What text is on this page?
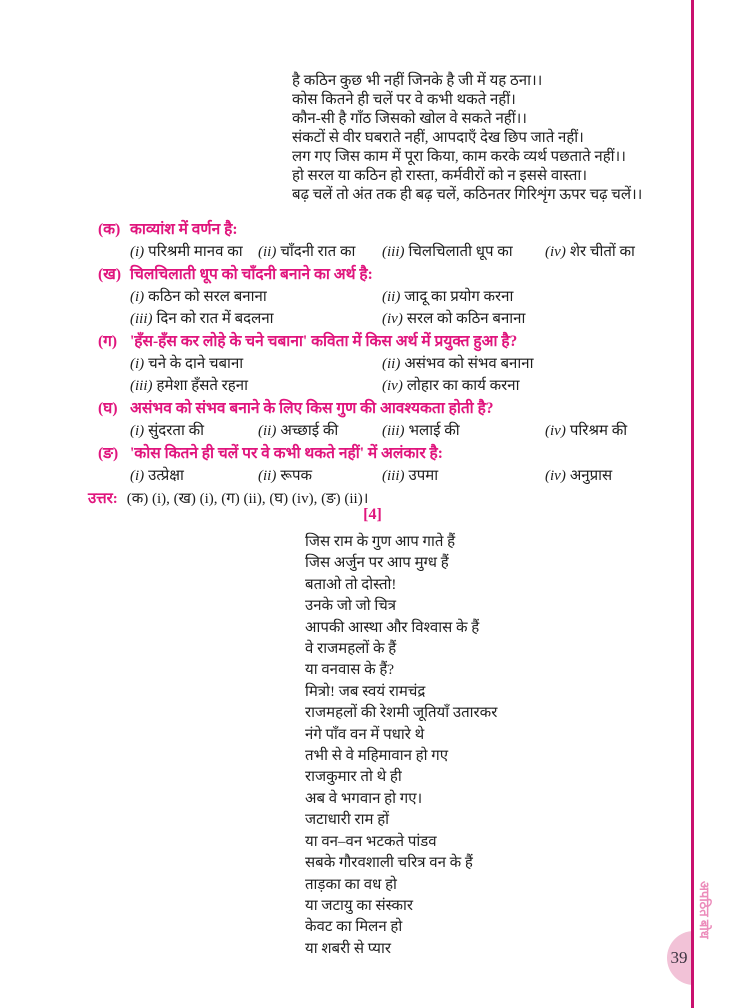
है कठिन कुछ भी नहीं जिनके है जी में यह ठना।।
कोस कितने ही चलें पर वे कभी थकते नहीं।
कौन-सी है गाँठ जिसको खोल वे सकते नहीं।।
संकटों से वीर घबराते नहीं, आपदाएँ देख छिप जाते नहीं।
लग गए जिस काम में पूरा किया, काम करके व्यर्थ पछताते नहीं।।
हो सरल या कठिन हो रास्ता, कर्मवीरों को न इससे वास्ता।
बढ़ चलें तो अंत तक ही बढ़ चलें, कठिनतर गिरिशृंग ऊपर चढ़ चलें।।
(क) काव्यांश में वर्णन है:
(i) परिश्रमी मानव का	(ii) चाँदनी रात का	(iii) चिलचिलाती धूप का	(iv) शेर चीतों का
(ख) चिलचिलाती धूप को चाँदनी बनाने का अर्थ है:
(i) कठिन को सरल बनाना	(ii) जादू का प्रयोग करना
(iii) दिन को रात में बदलना	(iv) सरल को कठिन बनाना
(ग) 'हँस-हँस कर लोहे के चने चबाना' कविता में किस अर्थ में प्रयुक्त हुआ है?
(i) चने के दाने चबाना	(ii) असंभव को संभव बनाना
(iii) हमेशा हँसते रहना	(iv) लोहार का कार्य करना
(घ) असंभव को संभव बनाने के लिए किस गुण की आवश्यकता होती है?
(i) सुंदरता की	(ii) अच्छाई की	(iii) भलाई की	(iv) परिश्रम की
(ङ) 'कोस कितने ही चलें पर वे कभी थकते नहीं' में अलंकार है:
(i) उत्प्रेक्षा	(ii) रूपक	(iii) उपमा	(iv) अनुप्रास
उत्तर: (क) (i), (ख) (i), (ग) (ii), (घ) (iv), (ङ) (ii)।
[4]
जिस राम के गुण आप गाते हैं
जिस अर्जुन पर आप मुग्ध हैं
बताओ तो दोस्तो!
उनके जो जो चित्र
आपकी आस्था और विश्वास के हैं
वे राजमहलों के हैं
या वनवास के हैं?
मित्रो! जब स्वयं रामचंद्र
राजमहलों की रेशमी जूतियाँ उतारकर
नंगे पाँव वन में पधारे थे
तभी से वे महिमावान हो गए
राजकुमार तो थे ही
अब वे भगवान हो गए।
जटाधारी राम हों
या वन–वन भटकते पांडव
सबके गौरवशाली चरित्र वन के हैं
ताड़का का वध हो
या जटायु का संस्कार
केवट का मिलन हो
या शबरी से प्यार
अपठित बोध
39
